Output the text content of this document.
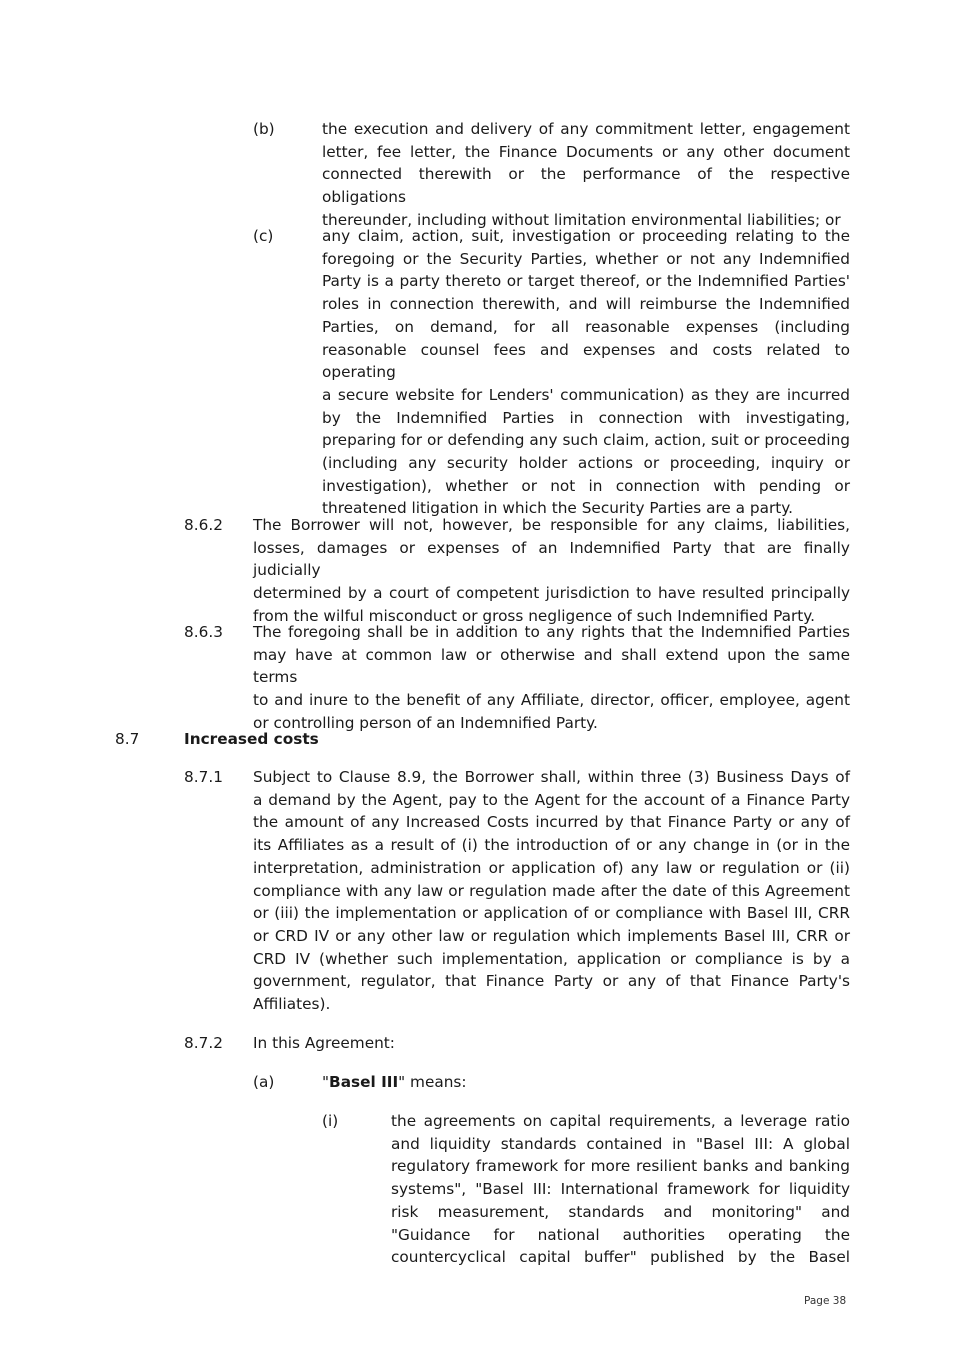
(b)	the execution and delivery of any commitment letter, engagement
letter, fee letter, the Finance Documents or any other document
connected therewith or the performance of the respective obligations
thereunder, including without limitation environmental liabilities; or
(c)	any claim, action, suit, investigation or proceeding relating to the
foregoing or the Security Parties, whether or not any Indemnified
Party is a party thereto or target thereof, or the Indemnified Parties'
roles in connection therewith, and will reimburse the Indemnified
Parties, on demand, for all reasonable expenses (including
reasonable counsel fees and expenses and costs related to operating
a secure website for Lenders' communication) as they are incurred
by the Indemnified Parties in connection with investigating,
preparing for or defending any such claim, action, suit or proceeding
(including any security holder actions or proceeding, inquiry or
investigation), whether or not in connection with pending or
threatened litigation in which the Security Parties are a party.
8.6.2 The Borrower will not, however, be responsible for any claims, liabilities,
losses, damages or expenses of an Indemnified Party that are finally judicially
determined by a court of competent jurisdiction to have resulted principally
from the wilful misconduct or gross negligence of such Indemnified Party.
8.6.3 The foregoing shall be in addition to any rights that the Indemnified Parties
may have at common law or otherwise and shall extend upon the same terms
to and inure to the benefit of any Affiliate, director, officer, employee, agent
or controlling person of an Indemnified Party.
8.7	Increased costs
8.7.1 Subject to Clause 8.9, the Borrower shall, within three (3) Business Days of
a demand by the Agent, pay to the Agent for the account of a Finance Party
the amount of any Increased Costs incurred by that Finance Party or any of
its Affiliates as a result of (i) the introduction of or any change in (or in the
interpretation, administration or application of) any law or regulation or (ii)
compliance with any law or regulation made after the date of this Agreement
or (iii) the implementation or application of or compliance with Basel III, CRR
or CRD IV or any other law or regulation which implements Basel III, CRR or
CRD IV (whether such implementation, application or compliance is by a
government, regulator, that Finance Party or any of that Finance Party's
Affiliates).
8.7.2 In this Agreement:
(a)	"Basel III" means:
(i)	the agreements on capital requirements, a leverage ratio
and liquidity standards contained in "Basel III: A global
regulatory framework for more resilient banks and banking
systems", "Basel III: International framework for liquidity
risk measurement, standards and monitoring" and
"Guidance for national authorities operating the
countercyclical capital buffer" published by the Basel
Page 38
